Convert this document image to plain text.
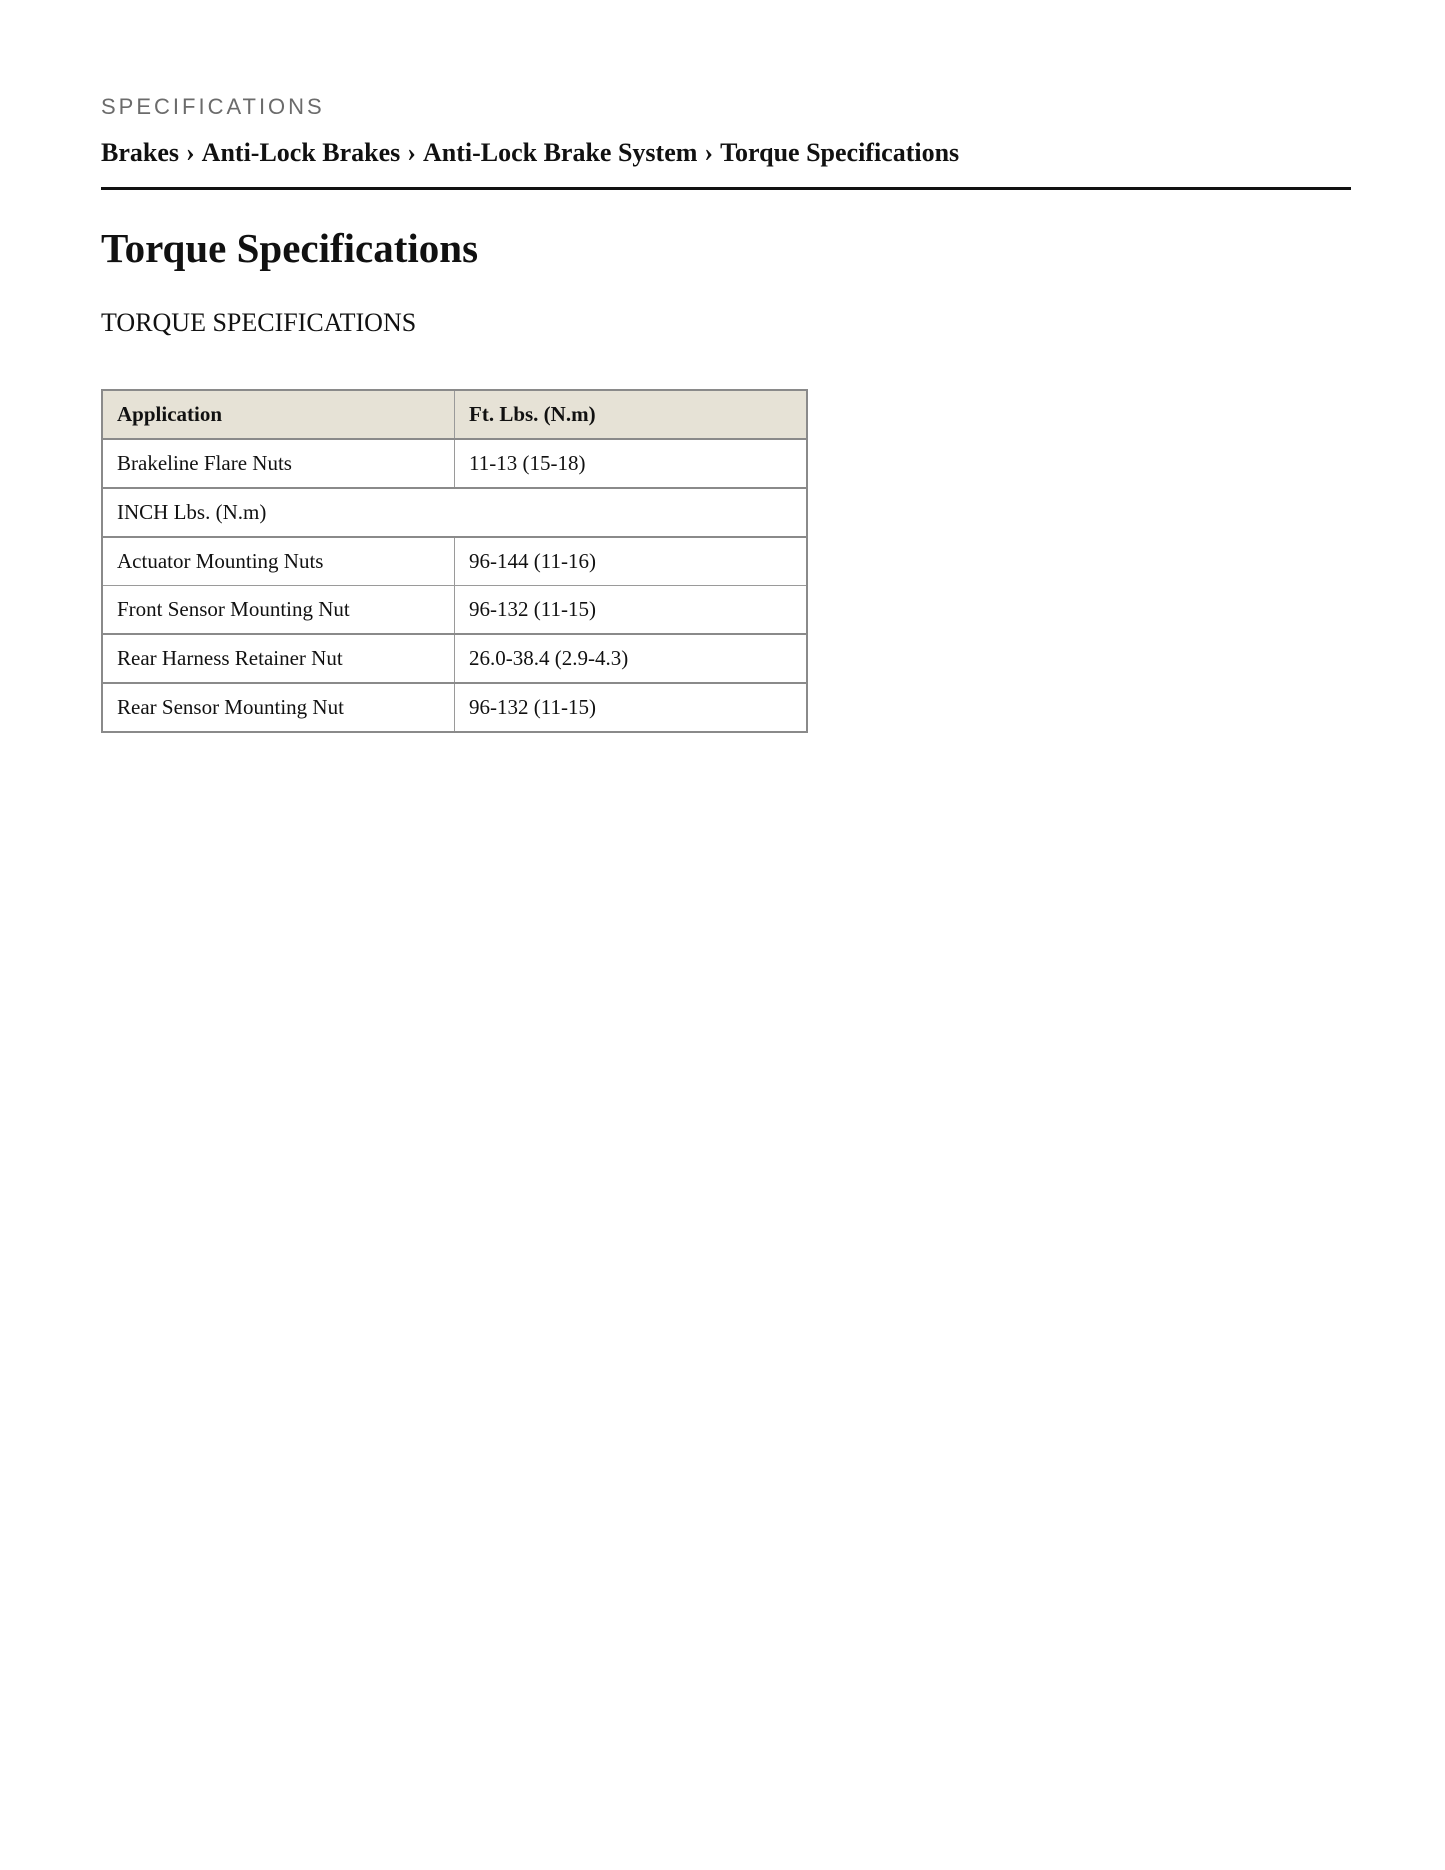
SPECIFICATIONS
Brakes › Anti-Lock Brakes › Anti-Lock Brake System › Torque Specifications
Torque Specifications
TORQUE SPECIFICATIONS
Application	Ft. Lbs. (N.m)
Brakeline Flare Nuts	11-13 (15-18)
INCH Lbs. (N.m)	
Actuator Mounting Nuts	96-144 (11-16)
Front Sensor Mounting Nut	96-132 (11-15)
Rear Harness Retainer Nut	26.0-38.4 (2.9-4.3)
Rear Sensor Mounting Nut	96-132 (11-15)
